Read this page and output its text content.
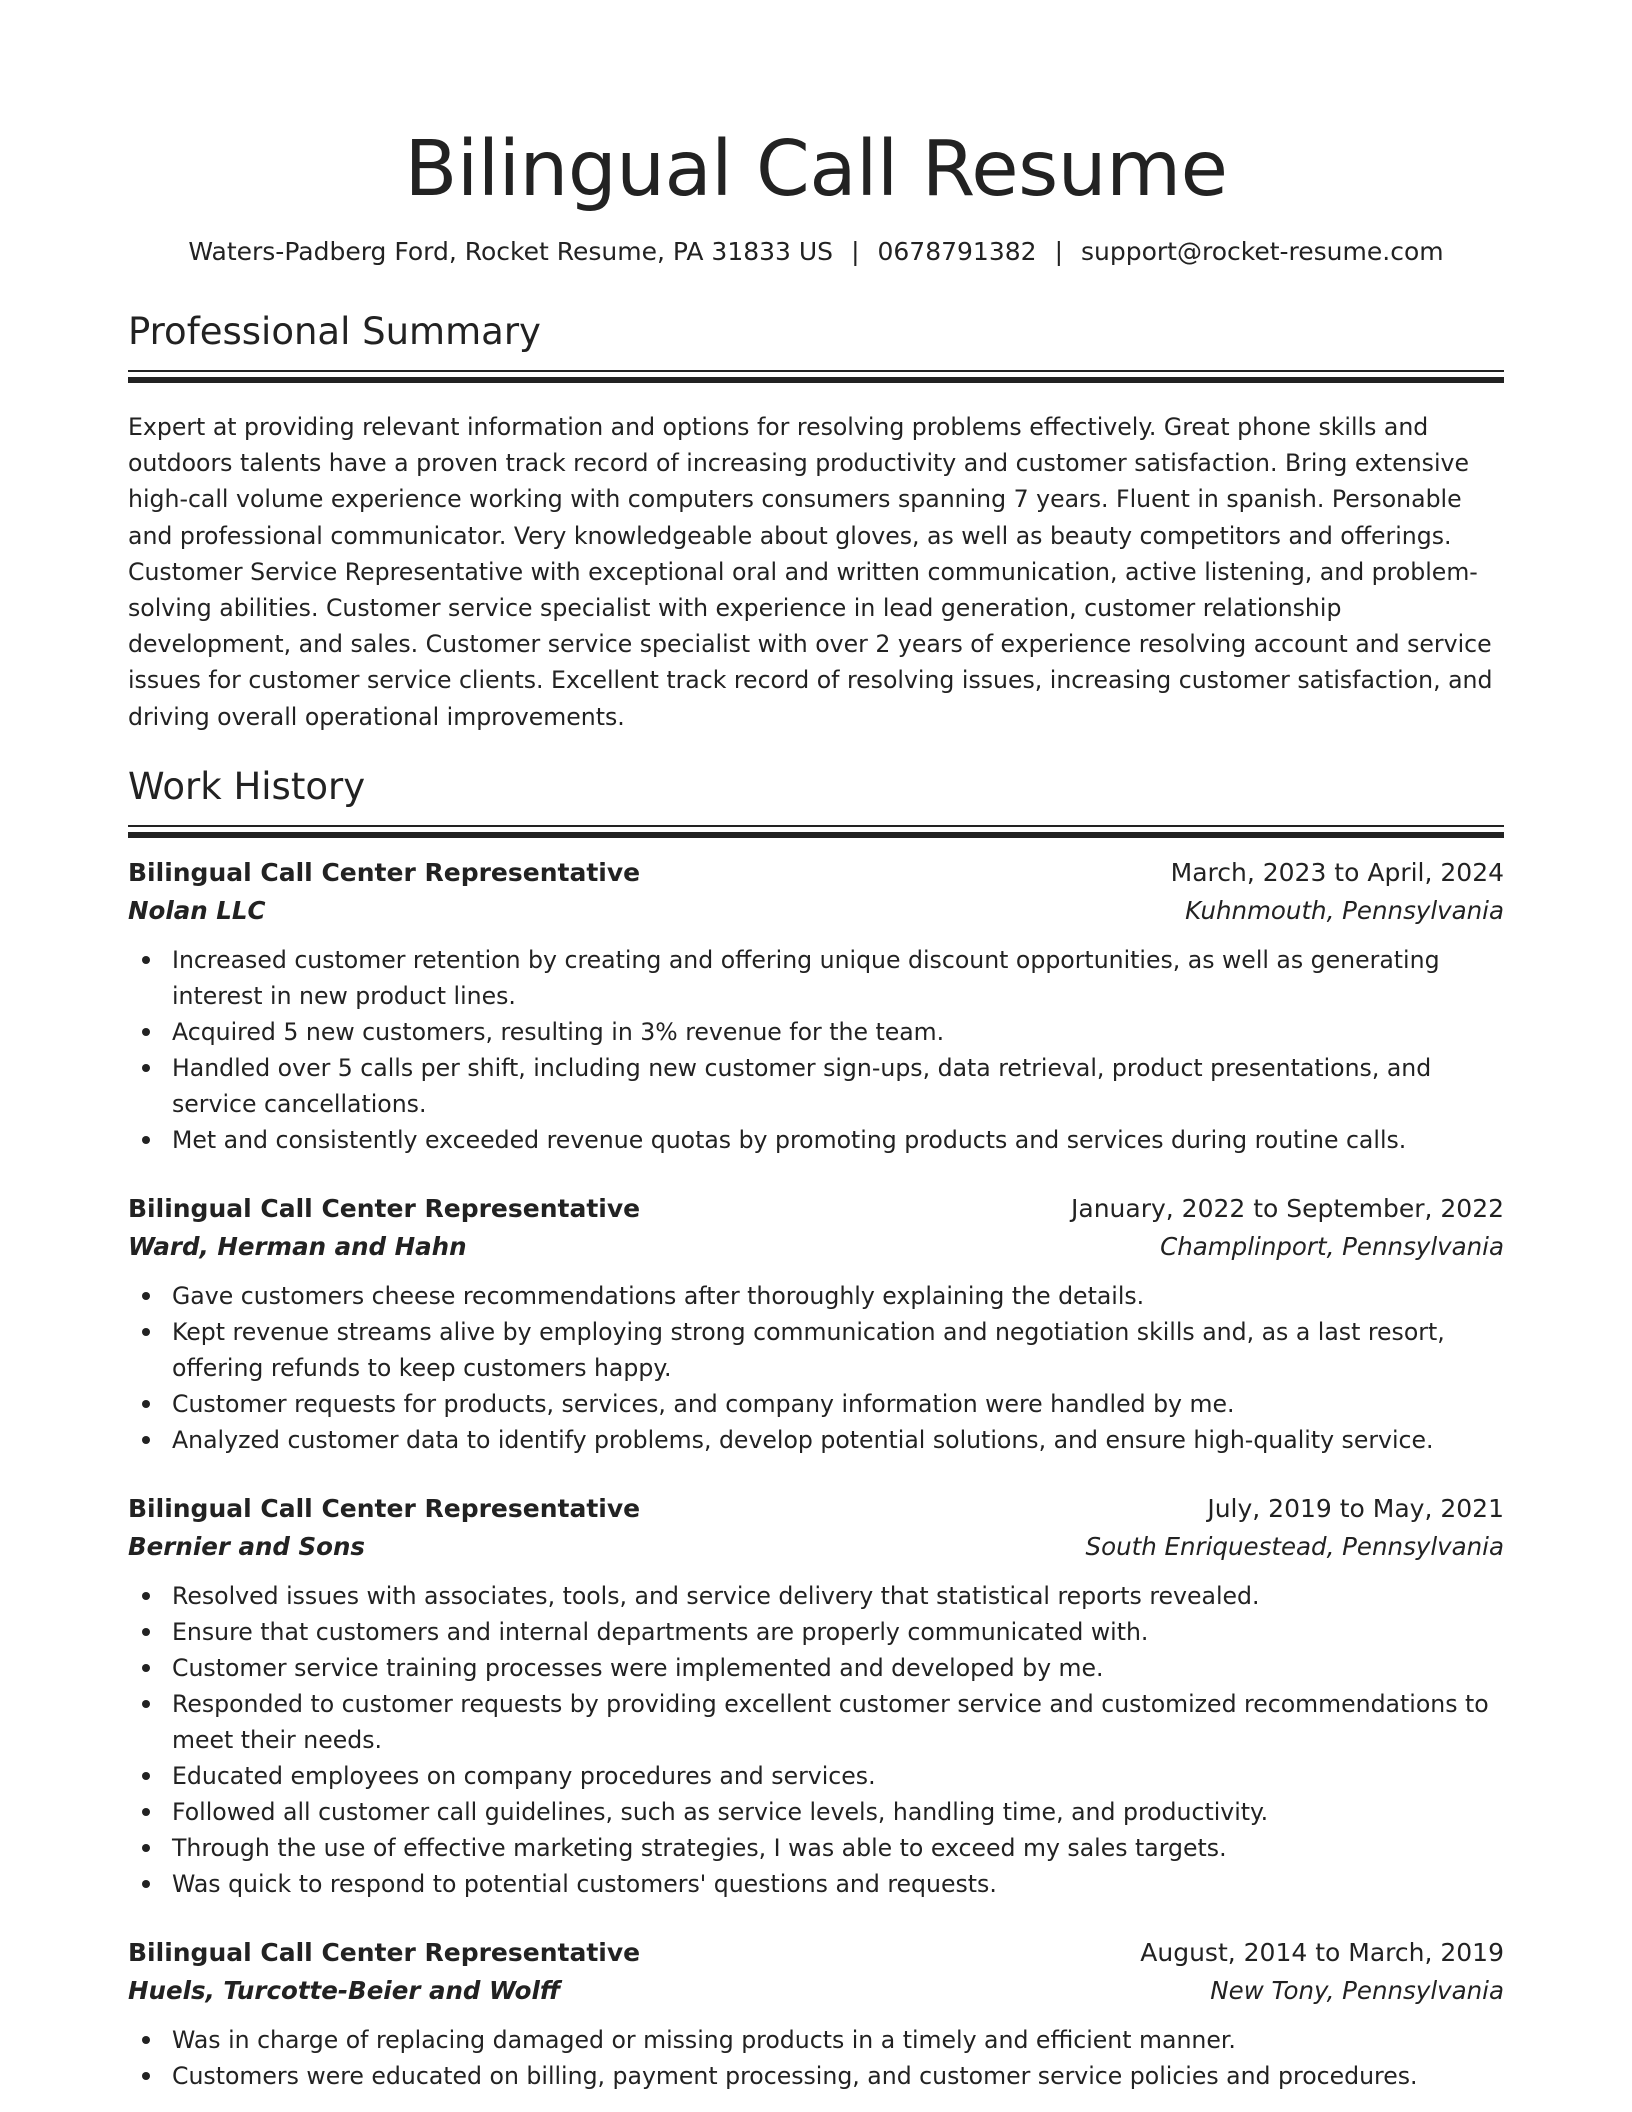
Bilingual Call Resume
Waters-Padberg Ford, Rocket Resume, PA 31833 US | 0678791382 | support@rocket-resume.com
Professional Summary

Expert at providing relevant information and options for resolving problems effectively. Great phone skills and outdoors talents have a proven track record of increasing productivity and customer satisfaction. Bring extensive high-call volume experience working with computers consumers spanning 7 years. Fluent in spanish. Personable and professional communicator. Very knowledgeable about gloves, as well as beauty competitors and offerings. Customer Service Representative with exceptional oral and written communication, active listening, and problem-solving abilities. Customer service specialist with experience in lead generation, customer relationship development, and sales. Customer service specialist with over 2 years of experience resolving account and service issues for customer service clients. Excellent track record of resolving issues, increasing customer satisfaction, and driving overall operational improvements.

Work History
Bilingual Call Center Representative	March, 2023 to April, 2024
Nolan LLC	Kuhnmouth, Pennsylvania
Increased customer retention by creating and offering unique discount opportunities, as well as generating interest in new product lines.
Acquired 5 new customers, resulting in 3% revenue for the team.
Handled over 5 calls per shift, including new customer sign-ups, data retrieval, product presentations, and service cancellations.
Met and consistently exceeded revenue quotas by promoting products and services during routine calls.
Bilingual Call Center Representative	January, 2022 to September, 2022
Ward, Herman and Hahn	Champlinport, Pennsylvania
Gave customers cheese recommendations after thoroughly explaining the details.
Kept revenue streams alive by employing strong communication and negotiation skills and, as a last resort, offering refunds to keep customers happy.
Customer requests for products, services, and company information were handled by me.
Analyzed customer data to identify problems, develop potential solutions, and ensure high-quality service.
Bilingual Call Center Representative	July, 2019 to May, 2021
Bernier and Sons	South Enriquestead, Pennsylvania
Resolved issues with associates, tools, and service delivery that statistical reports revealed.
Ensure that customers and internal departments are properly communicated with.
Customer service training processes were implemented and developed by me.
Responded to customer requests by providing excellent customer service and customized recommendations to meet their needs.
Educated employees on company procedures and services.
Followed all customer call guidelines, such as service levels, handling time, and productivity.
Through the use of effective marketing strategies, I was able to exceed my sales targets.
Was quick to respond to potential customers' questions and requests.
Bilingual Call Center Representative	August, 2014 to March, 2019
Huels, Turcotte-Beier and Wolff	New Tony, Pennsylvania
Was in charge of replacing damaged or missing products in a timely and efficient manner.
Customers were educated on billing, payment processing, and customer service policies and procedures.
